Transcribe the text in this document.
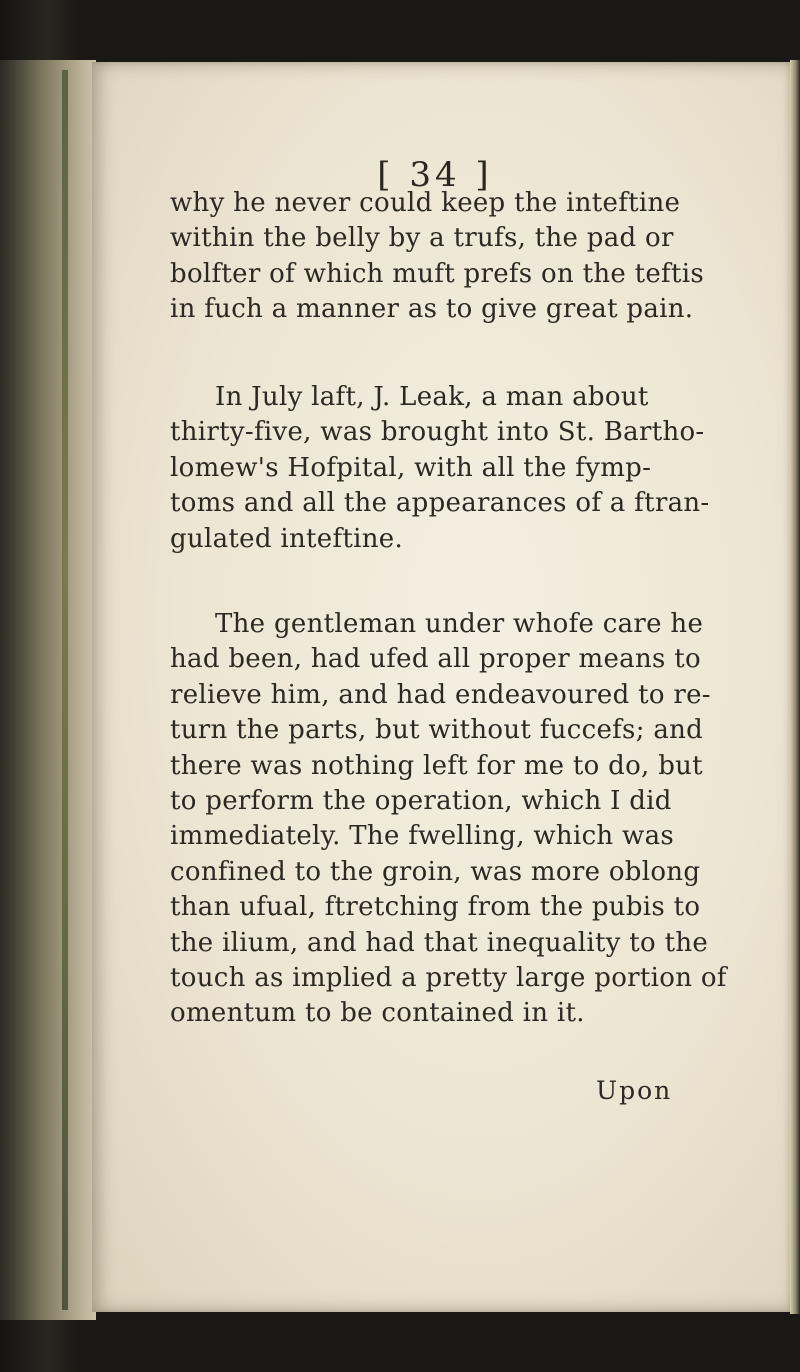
[ 34 ]
why he never could keep the inteftine
within the belly by a trufs, the pad or
bolfter of which muft prefs on the teftis
in fuch a manner as to give great pain.
In July laft, J. Leak, a man about
thirty-five, was brought into St. Bartho-
lomew's Hofpital, with all the fymp-
toms and all the appearances of a ftran-
gulated inteftine.
The gentleman under whofe care he
had been, had ufed all proper means to
relieve him, and had endeavoured to re-
turn the parts, but without fuccefs; and
there was nothing left for me to do, but
to perform the operation, which I did
immediately. The fwelling, which was
confined to the groin, was more oblong
than ufual, ftretching from the pubis to
the ilium, and had that inequality to the
touch as implied a pretty large portion of
omentum to be contained in it.
Upon
